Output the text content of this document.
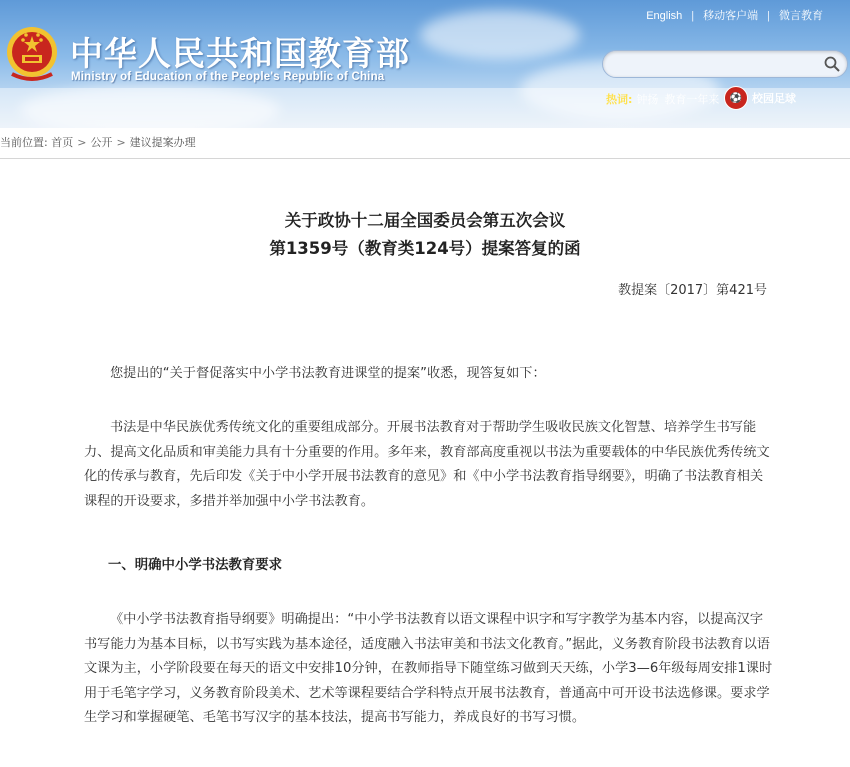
中华人民共和国教育部
Ministry of Education of the People's Republic of China
English | 移动客户端 | 微言教育
热词: 钟扬 教育一年来	⚽ 校园足球
当前位置: 首页 > 公开 > 建议提案办理
关于政协十二届全国委员会第五次会议
第1359号（教育类124号）提案答复的函
教提案〔2017〕第421号
您提出的“关于督促落实中小学书法教育进课堂的提案”收悉，现答复如下：
书法是中华民族优秀传统文化的重要组成部分。开展书法教育对于帮助学生吸收民族文化智慧、培养学生书写能力、提高文化品质和审美能力具有十分重要的作用。多年来，教育部高度重视以书法为重要载体的中华民族优秀传统文化的传承与教育，先后印发《关于中小学开展书法教育的意见》和《中小学书法教育指导纲要》，明确了书法教育相关课程的开设要求，多措并举加强中小学书法教育。
一、明确中小学书法教育要求
《中小学书法教育指导纲要》明确提出：“中小学书法教育以语文课程中识字和写字教学为基本内容，以提高汉字书写能力为基本目标，以书写实践为基本途径，适度融入书法审美和书法文化教育。”据此，义务教育阶段书法教育以语文课为主，小学阶段要在每天的语文中安排10分钟，在教师指导下随堂练习做到天天练，小学3—6年级每周安排1课时用于毛笔字学习，义务教育阶段美术、艺术等课程要结合学科特点开展书法教育，普通高中可开设书法选修课。要求学生学习和掌握硬笔、毛笔书写汉字的基本技法，提高书写能力，养成良好的书写习惯。
